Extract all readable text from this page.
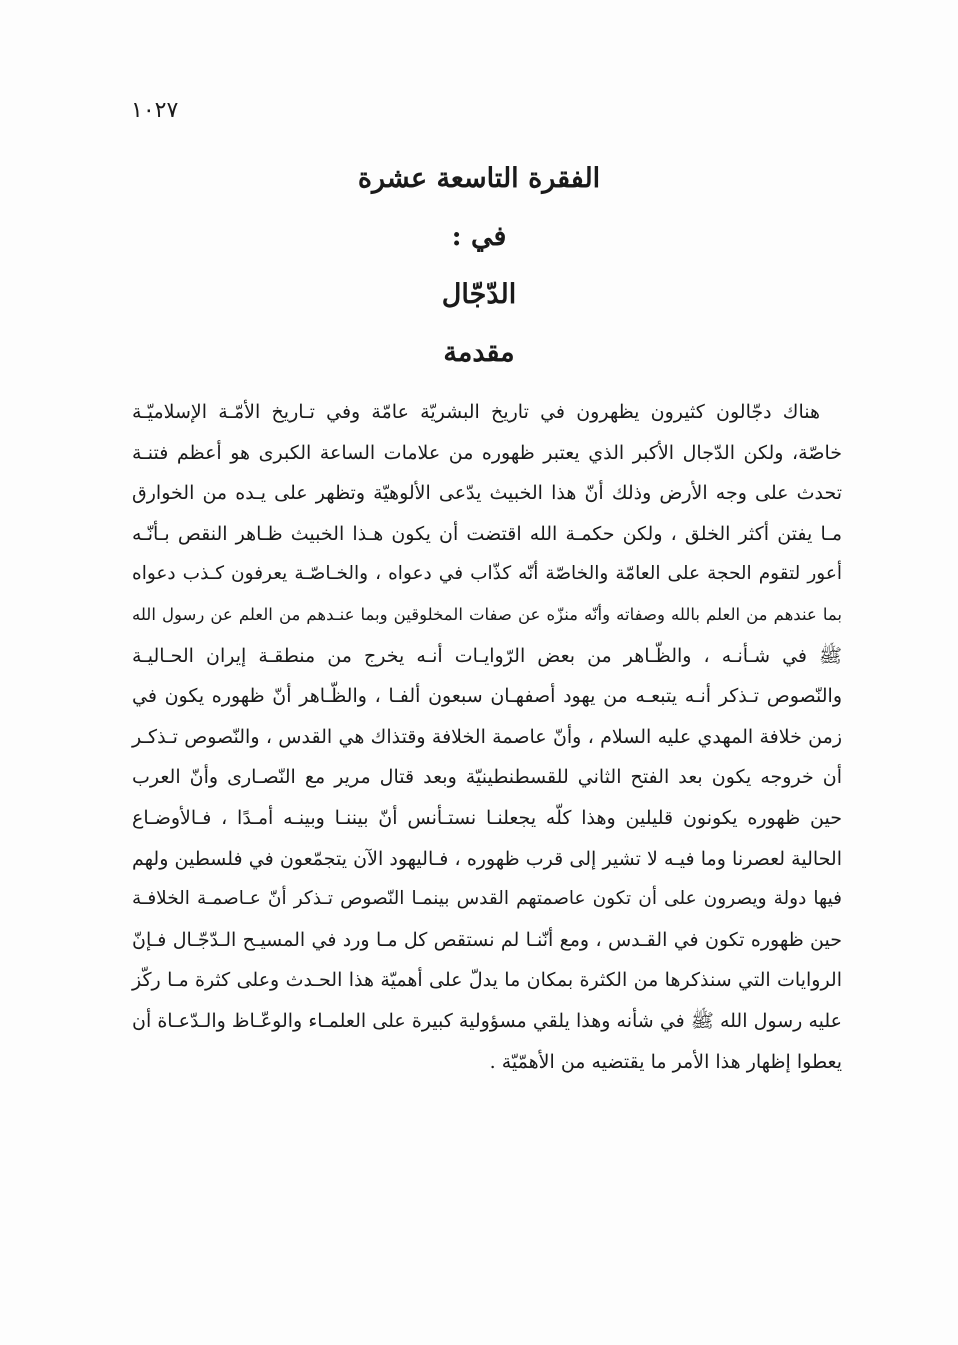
١٠٢٧
الفقرة التاسعة عشرة
في :
الدّجّال
مقدمة
هناك دجّالون كثيرون يظهرون في تاريخ البشريّة عامّة وفي تـاريخ الأمّـة الإسلاميّـة
خاصّة، ولكن الدّجال الأكبر الذي يعتبر ظهوره من علامات الساعة الكبرى هو أعظم فتنـة
تحدث على وجه الأرض وذلك أنّ هذا الخبيث يدّعى الألوهيّة وتظهر على يـده من الخوارق
مـا يفتن أكثر الخلق ، ولكن حكمـة الله اقتضت أن يكون هـذا الخبيث ظـاهر النقص بـأنّـه
أعور لتقوم الحجة على العامّة والخاصّة أنّه كذّاب في دعواه ، والخـاصّـة يعرفون كـذب دعواه
بما عندهم من العلم بالله وصفاته وأنّه منزّه عن صفات المخلوقين وبما عنـدهم من العلم عن رسول الله
ﷺ في شـأنـه ، والظّـاهر من بعض الرّوايـات أنـه يخرج من منطقـة إيران الحـاليـة
والنّصوص تـذكر أنـه يتبعـه من يهود أصفهـان سبعون ألفـا ، والظّـاهر أنّ ظهوره يكون في
زمن خلافة المهدي عليه السلام ، وأنّ عاصمة الخلافة وقتذاك هي القدس ، والنّصوص تـذكـر
أن خروجه يكون بعد الفتح الثاني للقسطنطينيّة وبعد قتال مرير مع النّصـارى وأنّ العرب
حين ظهوره يكونون قليلين وهذا كلّه يجعلنـا نستـأنس أنّ بيننـا وبينـه أمـدًا ، فـالأوضـاع
الحالية لعصرنا وما فيـه لا تشير إلى قرب ظهوره ، فـاليهود الآن يتجمّعون في فلسطين ولهم
فيها دولة ويصرون على أن تكون عاصمتهم القدس بينمـا النّصوص تـذكر أنّ عـاصمـة الخلافـة
حين ظهوره تكون في القـدس ، ومع أنّنـا لم نستقص كل مـا ورد في المسيـح الـدّجّـال فـإنّ
الروايات التي سنذكرها من الكثرة بمكان ما يدلّ على أهميّة هذا الحـدث وعلى كثرة مـا ركّز
عليه رسول الله ﷺ في شأنه وهذا يلقي مسؤولية كبيرة على العلمـاء والوعّـاظ والـدّعـاة أن
يعطوا إظهار هذا الأمر ما يقتضيه من الأهمّيّة .
